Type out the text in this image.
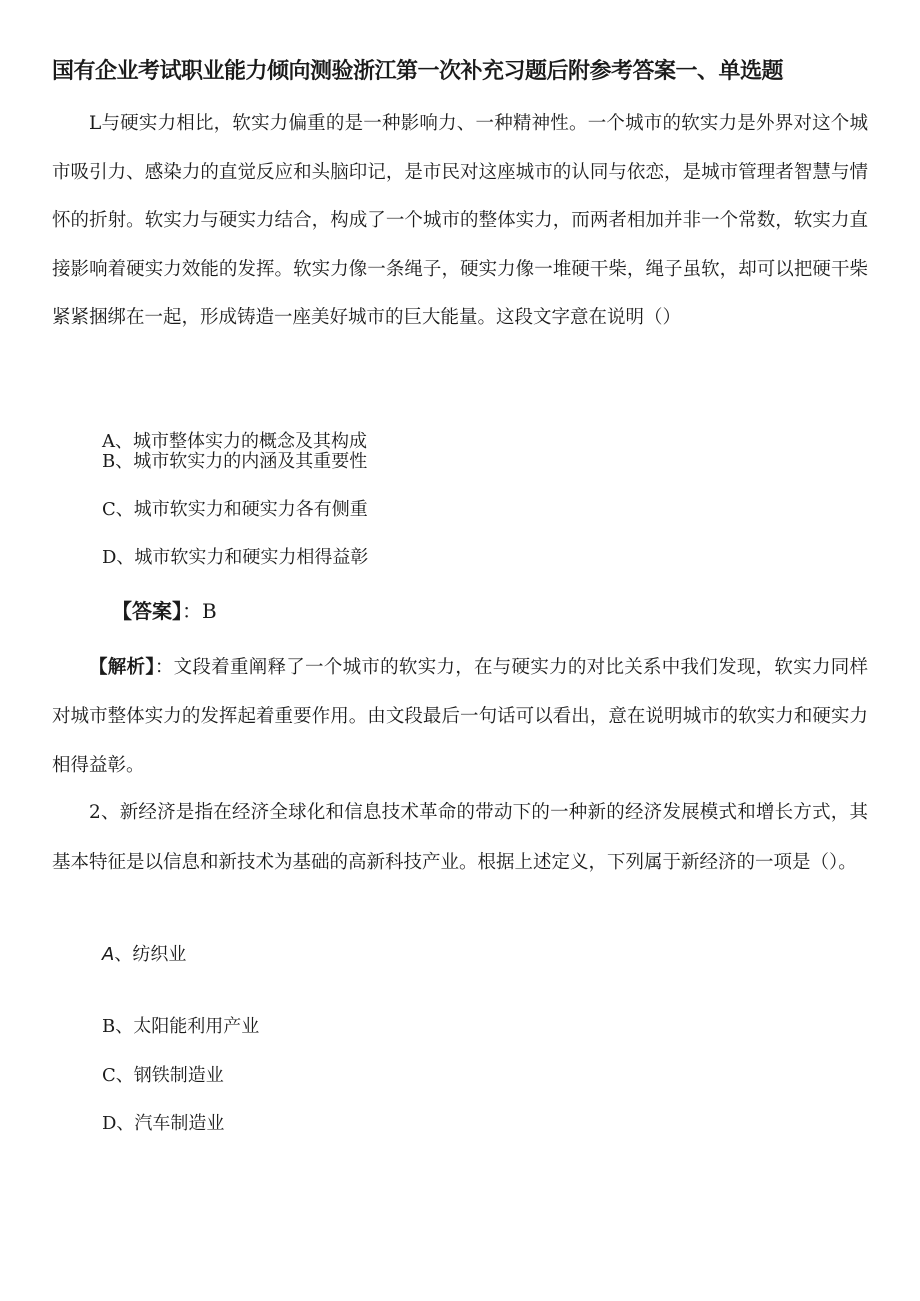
国有企业考试职业能力倾向测验浙江第一次补充习题后附参考答案一、单选题

L与硬实力相比，软实力偏重的是一种影响力、一种精神性。一个城市的软实力是外界对这个城市吸引力、感染力的直觉反应和头脑印记，是市民对这座城市的认同与依恋，是城市管理者智慧与情怀的折射。软实力与硬实力结合，构成了一个城市的整体实力，而两者相加并非一个常数，软实力直接影响着硬实力效能的发挥。软实力像一条绳子，硬实力像一堆硬干柴，绳子虽软，却可以把硬干柴紧紧捆绑在一起，形成铸造一座美好城市的巨大能量。这段文字意在说明（）

A、城市整体实力的概念及其构成
B、城市软实力的内涵及其重要性
C、城市软实力和硬实力各有侧重
D、城市软实力和硬实力相得益彰
【答案】：B

【解析】：文段着重阐释了一个城市的软实力，在与硬实力的对比关系中我们发现，软实力同样对城市整体实力的发挥起着重要作用。由文段最后一句话可以看出，意在说明城市的软实力和硬实力相得益彰。

2、新经济是指在经济全球化和信息技术革命的带动下的一种新的经济发展模式和增长方式，其基本特征是以信息和新技术为基础的高新科技产业。根据上述定义，下列属于新经济的一项是（）。

A、纺织业
B、太阳能利用产业
C、钢铁制造业
D、汽车制造业
